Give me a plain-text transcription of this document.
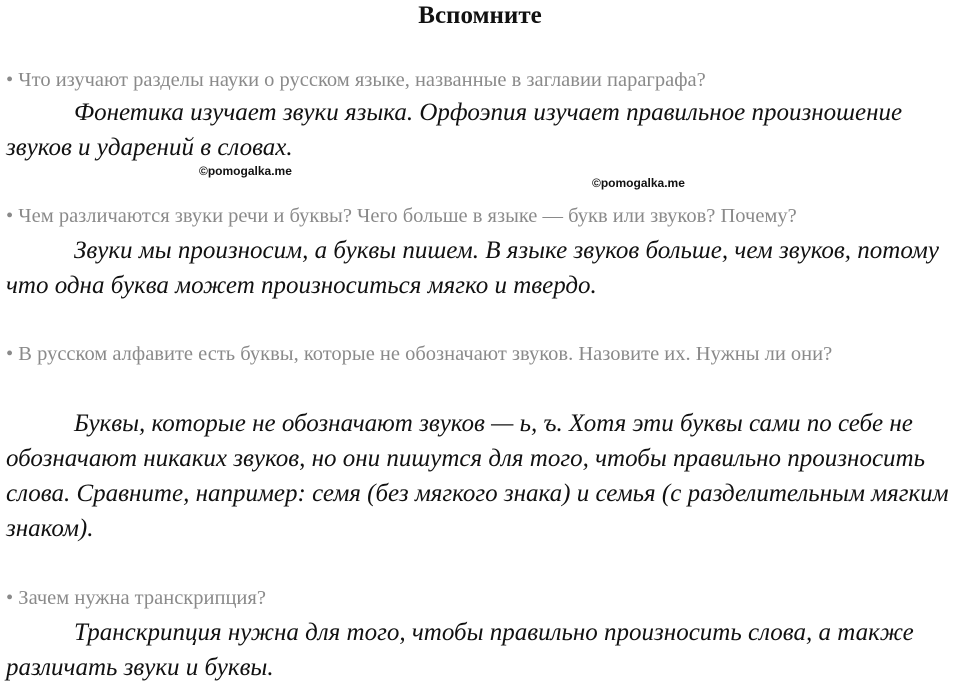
Вспомните
• Что изучают разделы науки о русском языке, названные в заглавии параграфа?
Фонетика изучает звуки языка. Орфоэпия изучает правильное произношение звуков и ударений в словах.
©pomogalka.me
©pomogalka.me
• Чем различаются звуки речи и буквы? Чего больше в языке — букв или звуков? Почему?
Звуки мы произносим, а буквы пишем. В языке звуков больше, чем звуков, потому что одна буква может произноситься мягко и твердо.
• В русском алфавите есть буквы, которые не обозначают звуков. Назовите их. Нужны ли они?
Буквы, которые не обозначают звуков — ь, ъ. Хотя эти буквы сами по себе не обозначают никаких звуков, но они пишутся для того, чтобы правильно произносить слова. Сравните, например: семя (без мягкого знака) и семья (с разделительным мягким знаком).
• Зачем нужна транскрипция?
Транскрипция нужна для того, чтобы правильно произносить слова, а также различать звуки и буквы.
